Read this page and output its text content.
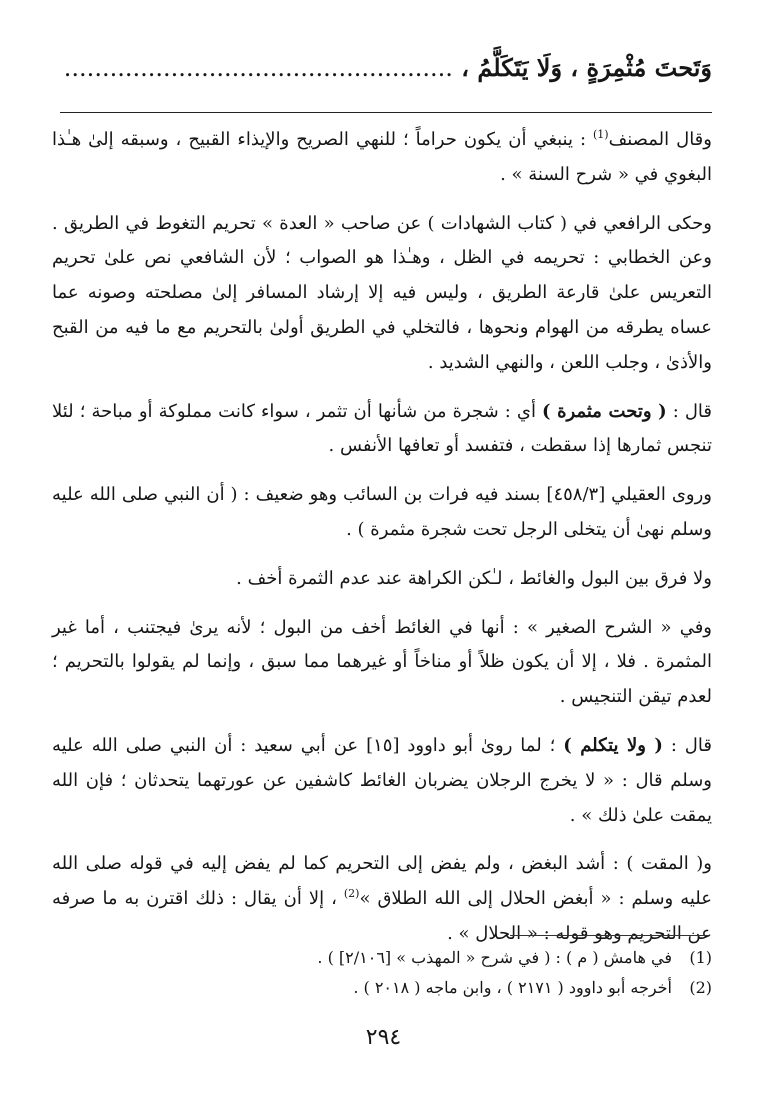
وَتَحتَ مُثْمِرَةٍ ، وَلَا يَتَكَلَّمُ ، ...................................................

وقال المصنف$^{(1)}$ : ينبغي أن يكون حراماً ؛ للنهي الصريح والإيذاء القبيح ، وسبقه إلىٰ هـٰذا البغوي في « شرح السنة » .

وحكى الرافعي في ( كتاب الشهادات ) عن صاحب « العدة » تحريم التغوط في الطريق . وعن الخطابي : تحريمه في الظل ، وهـٰذا هو الصواب ؛ لأن الشافعي نص علىٰ تحريم التعريس علىٰ قارعة الطريق ، وليس فيه إلا إرشاد المسافر إلىٰ مصلحته وصونه عما عساه يطرقه من الهوام ونحوها ، فالتخلي في الطريق أولىٰ بالتحريم مع ما فيه من القبح والأذىٰ ، وجلب اللعن ، والنهي الشديد .

قال : ( وتحت مثمرة ) أي : شجرة من شأنها أن تثمر ، سواء كانت مملوكة أو مباحة ؛ لئلا تنجس ثمارها إذا سقطت ، فتفسد أو تعافها الأنفس .

وروى العقيلي [٤٥٨/٣] بسند فيه فرات بن السائب وهو ضعيف : ( أن النبي صلى الله عليه وسلم نهىٰ أن يتخلى الرجل تحت شجرة مثمرة ) .

ولا فرق بين البول والغائط ، لـٰكن الكراهة عند عدم الثمرة أخف .

وفي « الشرح الصغير » : أنها في الغائط أخف من البول ؛ لأنه يرىٰ فيجتنب ، أما غير المثمرة . فلا ، إلا أن يكون ظلاً أو مناخاً أو غيرهما مما سبق ، وإنما لم يقولوا بالتحريم ؛ لعدم تيقن التنجيس .

قال : ( ولا يتكلم ) ؛ لما روىٰ أبو داوود [١٥] عن أبي سعيد : أن النبي صلى الله عليه وسلم قال : « لا يخرج الرجلان يضربان الغائط كاشفين عن عورتهما يتحدثان ؛ فإن الله يمقت علىٰ ذلك » .

و( المقت ) : أشد البغض ، ولم يفض إلى التحريم كما لم يفض إليه في قوله صلى الله عليه وسلم : « أبغض الحلال إلى الله الطلاق »$^{(2)}$ ، إلا أن يقال : ذلك اقترن به ما صرفه عن التحريم وهو قوله : « الحلال » .

(1)
في هامش ( م ) : ( في شرح « المهذب » [٢/١٠٦] ) .
(2)
أخرجه أبو داوود ( ٢١٧١ ) ، وابن ماجه ( ٢٠١٨ ) .
٢٩٤
